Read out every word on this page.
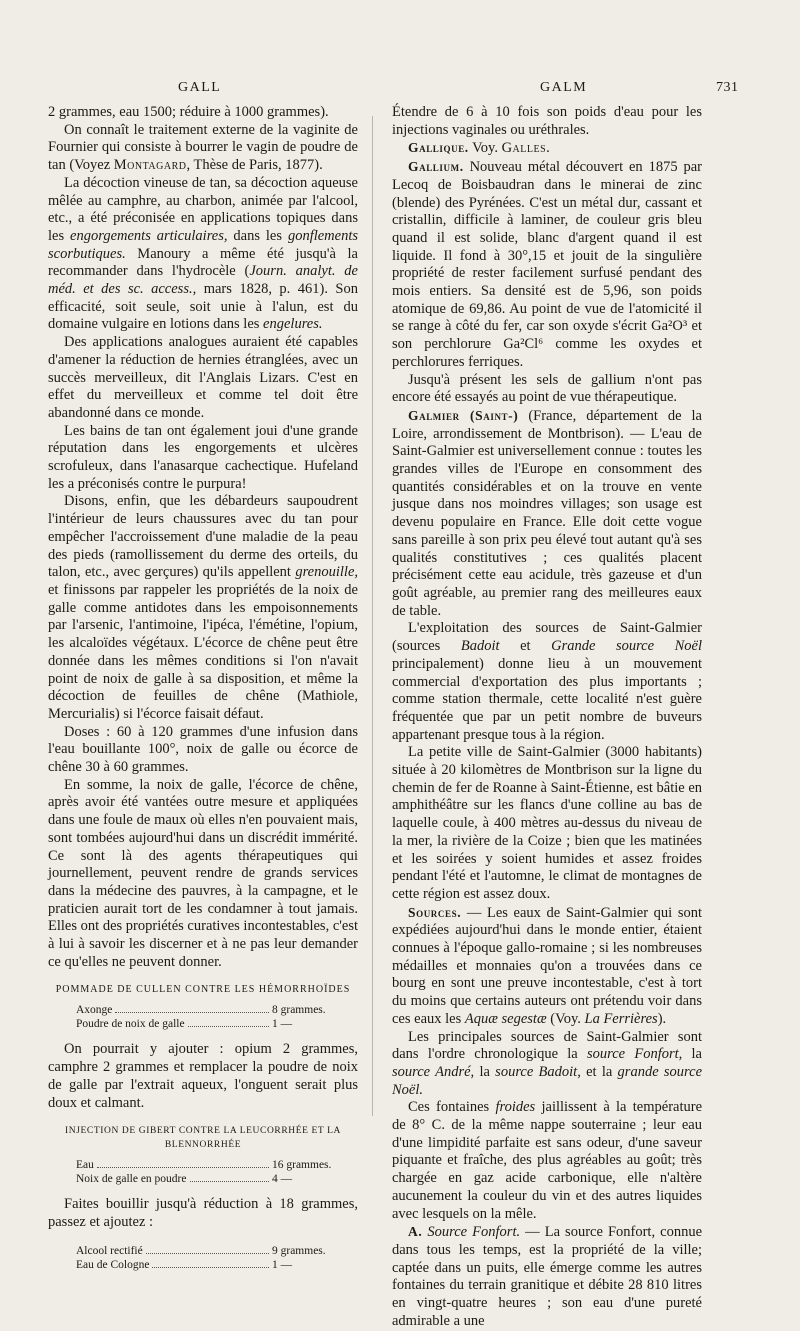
GALL	GALM	731

2 grammes, eau 1500; réduire à 1000 grammes).

On connaît le traitement externe de la vaginite de Fournier qui consiste à bourrer le vagin de poudre de tan (Voyez Montagard, Thèse de Paris, 1877).

La décoction vineuse de tan, sa décoction aqueuse mêlée au camphre, au charbon, animée par l'alcool, etc., a été préconisée en applications topiques dans les engorgements articulaires, dans les gonflements scorbutiques. Manoury a même été jusqu'à la recommander dans l'hydrocèle (Journ. analyt. de méd. et des sc. access., mars 1828, p. 461). Son efficacité, soit seule, soit unie à l'alun, est du domaine vulgaire en lotions dans les engelures.

Des applications analogues auraient été capables d'amener la réduction de hernies étranglées, avec un succès merveilleux, dit l'Anglais Lizars. C'est en effet du merveilleux et comme tel doit être abandonné dans ce monde.

Les bains de tan ont également joui d'une grande réputation dans les engorgements et ulcères scrofuleux, dans l'anasarque cachectique. Hufeland les a préconisés contre le purpura!

Disons, enfin, que les débardeurs saupoudrent l'intérieur de leurs chaussures avec du tan pour empêcher l'accroissement d'une maladie de la peau des pieds (ramollissement du derme des orteils, du talon, etc., avec gerçures) qu'ils appellent grenouille, et finissons par rappeler les propriétés de la noix de galle comme antidotes dans les empoisonnements par l'arsenic, l'antimoine, l'ipéca, l'émétine, l'opium, les alcaloïdes végétaux. L'écorce de chêne peut être donnée dans les mêmes conditions si l'on n'avait point de noix de galle à sa disposition, et même la décoction de feuilles de chêne (Mathiole, Mercurialis) si l'écorce faisait défaut.

Doses : 60 à 120 grammes d'une infusion dans l'eau bouillante 100°, noix de galle ou écorce de chêne 30 à 60 grammes.

En somme, la noix de galle, l'écorce de chêne, après avoir été vantées outre mesure et appliquées dans une foule de maux où elles n'en pouvaient mais, sont tombées aujourd'hui dans un discrédit immérité. Ce sont là des agents thérapeutiques qui journellement, peuvent rendre de grands services dans la médecine des pauvres, à la campagne, et le praticien aurait tort de les condamner à tout jamais. Elles ont des propriétés curatives incontestables, c'est à lui à savoir les discerner et à ne pas leur demander ce qu'elles ne peuvent donner.

POMMADE DE CULLEN CONTRE LES HÉMORRHOÏDES
Axonge	8 grammes.
Poudre de noix de galle	1 —

On pourrait y ajouter : opium 2 grammes, camphre 2 grammes et remplacer la poudre de noix de galle par l'extrait aqueux, l'onguent serait plus doux et calmant.

INJECTION DE GIBERT CONTRE LA LEUCORRHÉE ET LA BLENNORRHÉE
Eau	16 grammes.
Noix de galle en poudre	4 —

Faites bouillir jusqu'à réduction à 18 grammes, passez et ajoutez :

Alcool rectifié	9 grammes.
Eau de Cologne	1 —

Étendre de 6 à 10 fois son poids d'eau pour les injections vaginales ou uréthrales.

Gallique. Voy. Galles.

Gallium. Nouveau métal découvert en 1875 par Lecoq de Boisbaudran dans le minerai de zinc (blende) des Pyrénées. C'est un métal dur, cassant et cristallin, difficile à laminer, de couleur gris bleu quand il est solide, blanc d'argent quand il est liquide. Il fond à 30°,15 et jouit de la singulière propriété de rester facilement surfusé pendant des mois entiers. Sa densité est de 5,96, son poids atomique de 69,86. Au point de vue de l'atomicité il se range à côté du fer, car son oxyde s'écrit Ga²O³ et son perchlorure Ga²Cl⁶ comme les oxydes et perchlorures ferriques.

Jusqu'à présent les sels de gallium n'ont pas encore été essayés au point de vue thérapeutique.

Galmier (Saint-) (France, département de la Loire, arrondissement de Montbrison). — L'eau de Saint-Galmier est universellement connue : toutes les grandes villes de l'Europe en consomment des quantités considérables et on la trouve en vente jusque dans nos moindres villages; son usage est devenu populaire en France. Elle doit cette vogue sans pareille à son prix peu élevé tout autant qu'à ses qualités constitutives ; ces qualités placent précisément cette eau acidule, très gazeuse et d'un goût agréable, au premier rang des meilleures eaux de table.

L'exploitation des sources de Saint-Galmier (sources Badoit et Grande source Noël principalement) donne lieu à un mouvement commercial d'exportation des plus importants ; comme station thermale, cette localité n'est guère fréquentée que par un petit nombre de buveurs appartenant presque tous à la région.

La petite ville de Saint-Galmier (3000 habitants) située à 20 kilomètres de Montbrison sur la ligne du chemin de fer de Roanne à Saint-Étienne, est bâtie en amphithéâtre sur les flancs d'une colline au bas de laquelle coule, à 400 mètres au-dessus du niveau de la mer, la rivière de la Coize ; bien que les matinées et les soirées y soient humides et assez froides pendant l'été et l'automne, le climat de montagnes de cette région est assez doux.

Sources. — Les eaux de Saint-Galmier qui sont expédiées aujourd'hui dans le monde entier, étaient connues à l'époque gallo-romaine ; si les nombreuses médailles et monnaies qu'on a trouvées dans ce bourg en sont une preuve incontestable, c'est à tort du moins que certains auteurs ont prétendu voir dans ces eaux les Aquæ segestæ (Voy. La Ferrières).

Les principales sources de Saint-Galmier sont dans l'ordre chronologique la source Fonfort, la source André, la source Badoit, et la grande source Noël.

Ces fontaines froides jaillissent à la température de 8° C. de la même nappe souterraine ; leur eau d'une limpidité parfaite est sans odeur, d'une saveur piquante et fraîche, des plus agréables au goût; très chargée en gaz acide carbonique, elle n'altère aucunement la couleur du vin et des autres liquides avec lesquels on la mêle.

A. Source Fonfort. — La source Fonfort, connue dans tous les temps, est la propriété de la ville; captée dans un puits, elle émerge comme les autres fontaines du terrain granitique et débite 28 810 litres en vingt-quatre heures ; son eau d'une pureté admirable a une
